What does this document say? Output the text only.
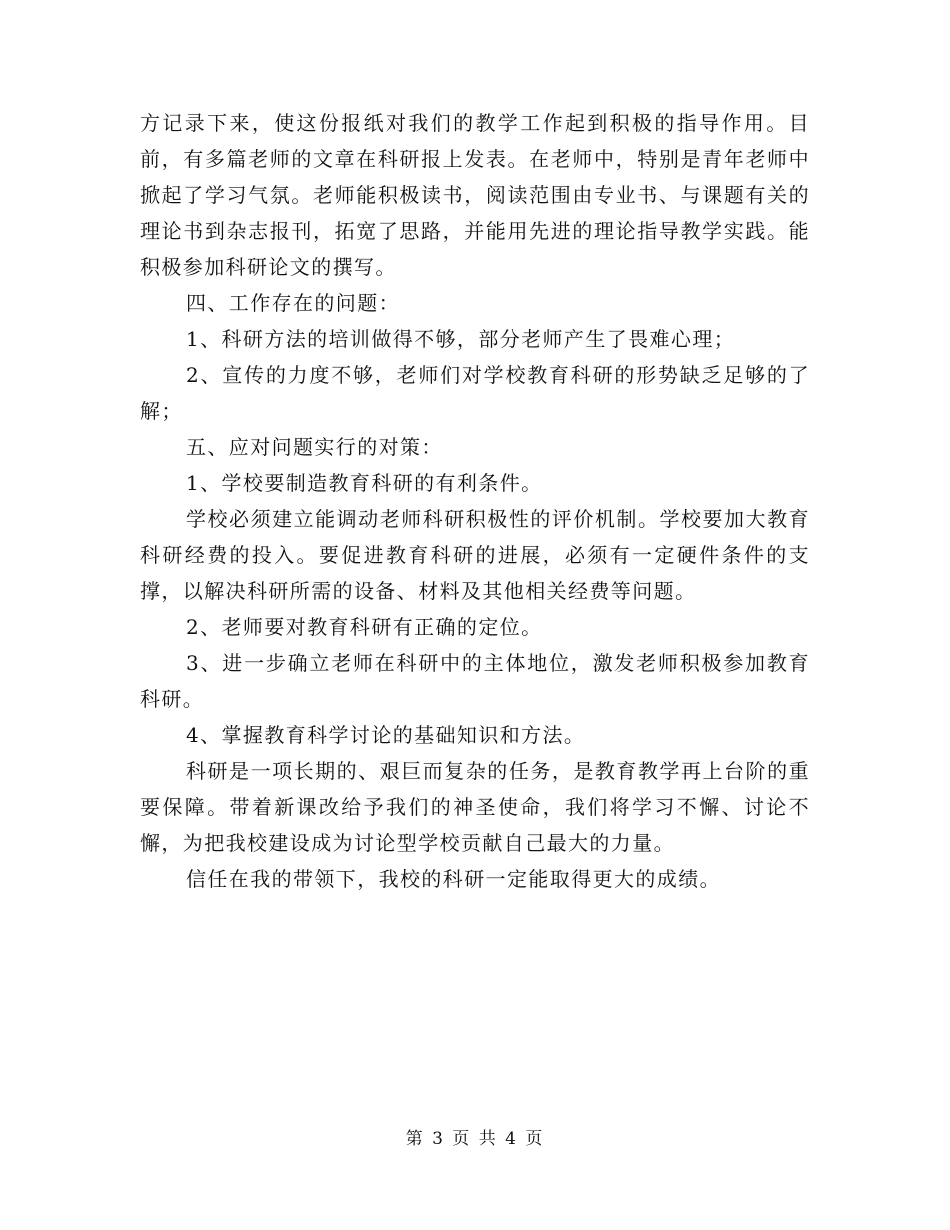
方记录下来，使这份报纸对我们的教学工作起到积极的指导作用。目前，有多篇老师的文章在科研报上发表。在老师中，特别是青年老师中掀起了学习气氛。老师能积极读书，阅读范围由专业书、与课题有关的理论书到杂志报刊，拓宽了思路，并能用先进的理论指导教学实践。能积极参加科研论文的撰写。

四、工作存在的问题：

1、科研方法的培训做得不够，部分老师产生了畏难心理；

2、宣传的力度不够，老师们对学校教育科研的形势缺乏足够的了解；

五、应对问题实行的对策：

1、学校要制造教育科研的有利条件。

学校必须建立能调动老师科研积极性的评价机制。学校要加大教育科研经费的投入。要促进教育科研的进展，必须有一定硬件条件的支撑，以解决科研所需的设备、材料及其他相关经费等问题。

2、老师要对教育科研有正确的定位。

3、进一步确立老师在科研中的主体地位，激发老师积极参加教育科研。

4、掌握教育科学讨论的基础知识和方法。

科研是一项长期的、艰巨而复杂的任务，是教育教学再上台阶的重要保障。带着新课改给予我们的神圣使命，我们将学习不懈、讨论不懈，为把我校建设成为讨论型学校贡献自己最大的力量。

信任在我的带领下，我校的科研一定能取得更大的成绩。

第 3 页 共 4 页
